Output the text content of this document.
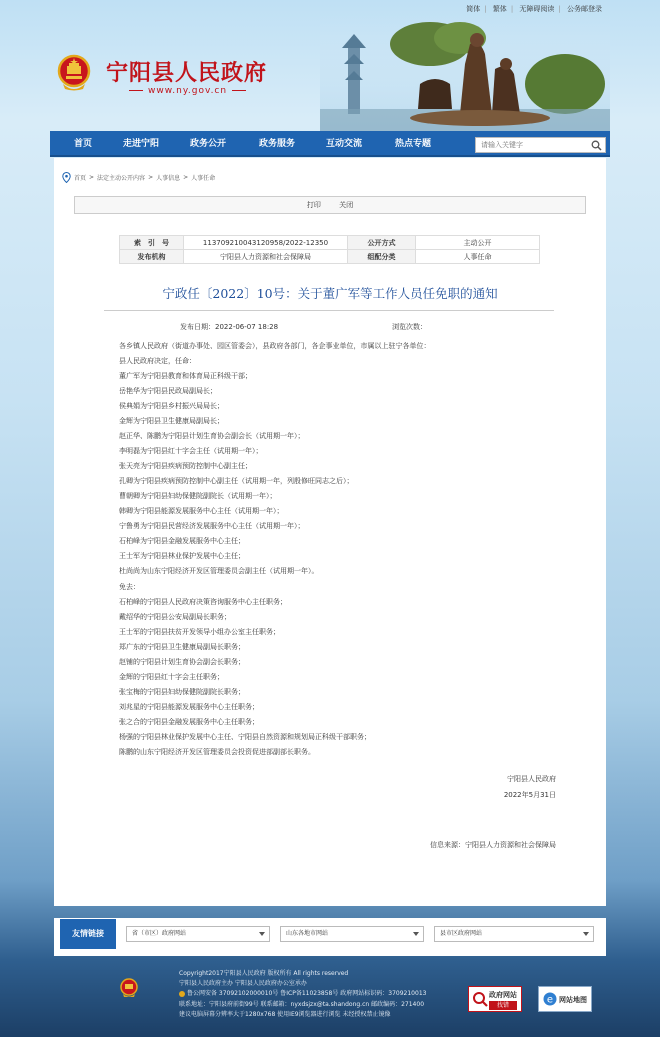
简体 | 繁体 | 无障碍阅读 | 公务邮登录
宁阳县人民政府
www.ny.gov.cn
首页	走进宁阳	政务公开	政务服务	互动交流	热点专题
请输入关键字
首页 > 法定主动公开内容 > 人事信息 > 人事任命
打印	关闭
索　引　号	113709210043120958/2022-12350	公开方式	主动公开
发布机构	宁阳县人力资源和社会保障局	组配分类	人事任命
宁政任〔2022〕10号：关于董广军等工作人员任免职的通知
发布日期：2022-06-07 18:28	浏览次数：
各乡镇人民政府（街道办事处、园区管委会），县政府各部门，各企事业单位，市属以上驻宁各单位：
县人民政府决定，任命：
董广军为宁阳县教育和体育局正科级干部；
岳艳华为宁阳县民政局副局长；
侯典娟为宁阳县乡村振兴局局长；
金辉为宁阳县卫生健康局副局长；
赵正华、陈鹏为宁阳县计划生育协会副会长（试用期一年）；
李明磊为宁阳县红十字会主任（试用期一年）；
张天亮为宁阳县疾病预防控制中心副主任；
孔卿为宁阳县疾病预防控制中心副主任（试用期一年，列殷修旺同志之后）；
曹朝卿为宁阳县妇幼保健院副院长（试用期一年）；
韩卿为宁阳县能源发展服务中心主任（试用期一年）；
宁鲁勇为宁阳县民营经济发展服务中心主任（试用期一年）；
石柏峰为宁阳县金融发展服务中心主任；
王士军为宁阳县林业保护发展中心主任；
杜尚尚为山东宁阳经济开发区管理委员会副主任（试用期一年）。
免去：
石柏峰的宁阳县人民政府决策咨询服务中心主任职务；
戴绍华的宁阳县公安局副局长职务；
王士军的宁阳县扶贫开发领导小组办公室主任职务；
郑广东的宁阳县卫生健康局副局长职务；
赵铺的宁阳县计划生育协会副会长职务；
金辉的宁阳县红十字会主任职务；
张宝梅的宁阳县妇幼保健院副院长职务；
刘兆星的宁阳县能源发展服务中心主任职务；
张之合的宁阳县金融发展服务中心主任职务；
杨强的宁阳县林业保护发展中心主任、宁阳县自然资源和规划局正科级干部职务；
陈鹏的山东宁阳经济开发区管理委员会投资促进部副部长职务。
宁阳县人民政府
2022年5月31日
信息来源：宁阳县人力资源和社会保障局
友情链接	省（市区）政府网站	山东各地市网站	县市区政府网站
Copyright2017宁阳县人民政府 版权所有 All rights reserved
宁阳县人民政府主办 宁阳县人民政府办公室承办
鲁公网安备 37092102000010号 鲁ICP备11023858号 政府网站标识码：3709210013
联系地址：宁阳县府前街99号 联系邮箱：nyxdsjzx@ta.shandong.cn 邮政编码：271400
建议电脑屏幕分辨率大于1280x768 使用IE9浏览器进行浏览 未经授权禁止镜像
政府网站
找错	e 网站地图
